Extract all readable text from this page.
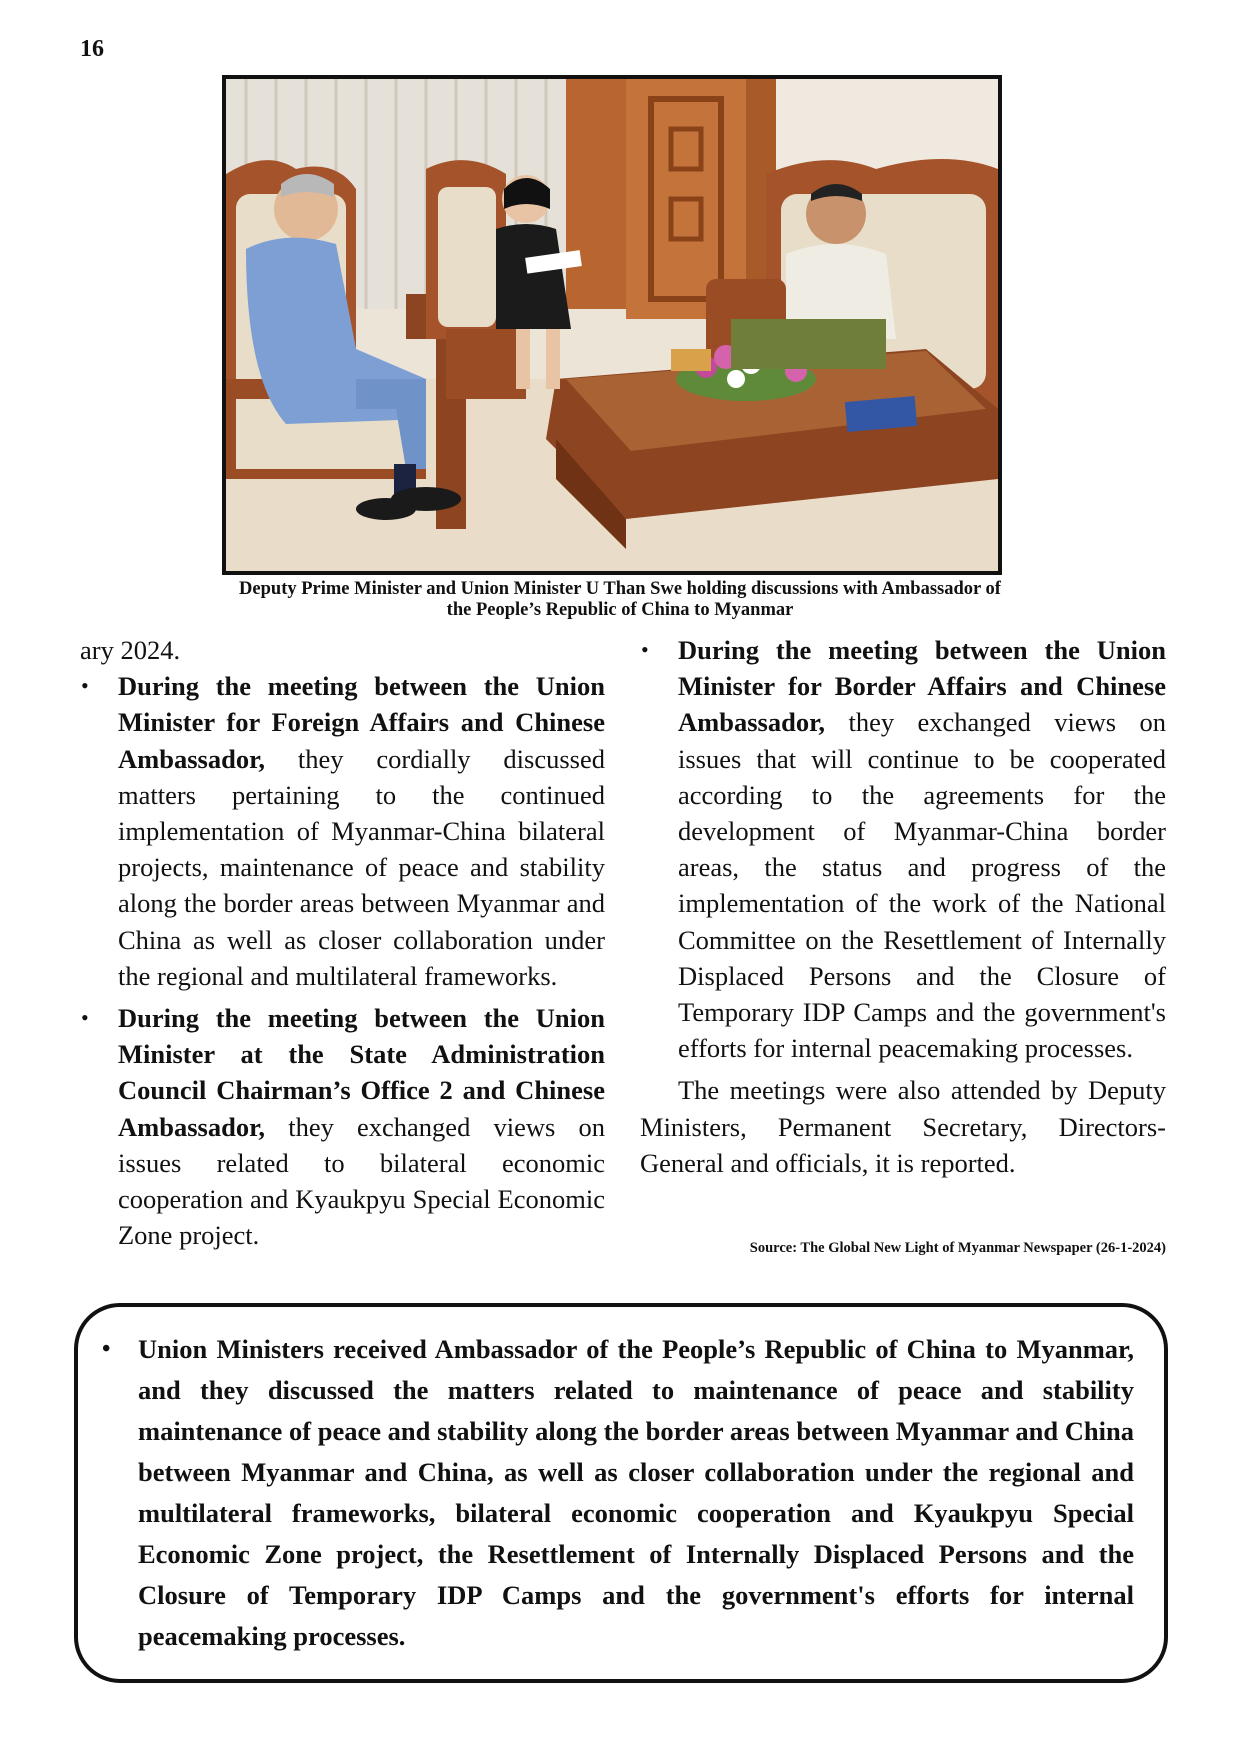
16
Deputy Prime Minister and Union Minister U Than Swe holding discussions with Ambassador of
the People’s Republic of China to Myanmar

ary 2024.

• During the meeting between the Union Minister for Foreign Affairs and Chinese Ambassador, they cordially discussed matters pertaining to the continued implementation of Myanmar-China bilateral projects, maintenance of peace and stability along the border areas between Myanmar and China as well as closer collaboration under the regional and multilateral frameworks.
• During the meeting between the Union Minister at the State Administration Council Chairman’s Office 2 and Chinese Ambassador, they exchanged views on issues related to bilateral economic cooperation and Kyaukpyu Special Economic Zone project.
• During the meeting between the Union Minister for Border Affairs and Chinese Ambassador, they exchanged views on issues that will continue to be cooperated according to the agreements for the development of Myanmar-China border areas, the status and progress of the implementation of the work of the National Committee on the Resettlement of Internally Displaced Persons and the Closure of Temporary IDP Camps and the government's efforts for internal peacemaking processes.

The meetings were also attended by Deputy Ministers, Permanent Secretary, Directors-General and officials, it is reported.

Source: The Global New Light of Myanmar Newspaper (26-1-2024)
• Union Ministers received Ambassador of the People’s Republic of China to Myanmar, and they discussed the matters related to maintenance of peace and stability maintenance of peace and stability along the border areas between Myanmar and China between Myanmar and China, as well as closer collaboration under the regional and multilateral frameworks, bilateral economic cooperation and Kyaukpyu Special Economic Zone project, the Resettlement of Internally Displaced Persons and the Closure of Temporary IDP Camps and the government's efforts for internal peacemaking processes.
